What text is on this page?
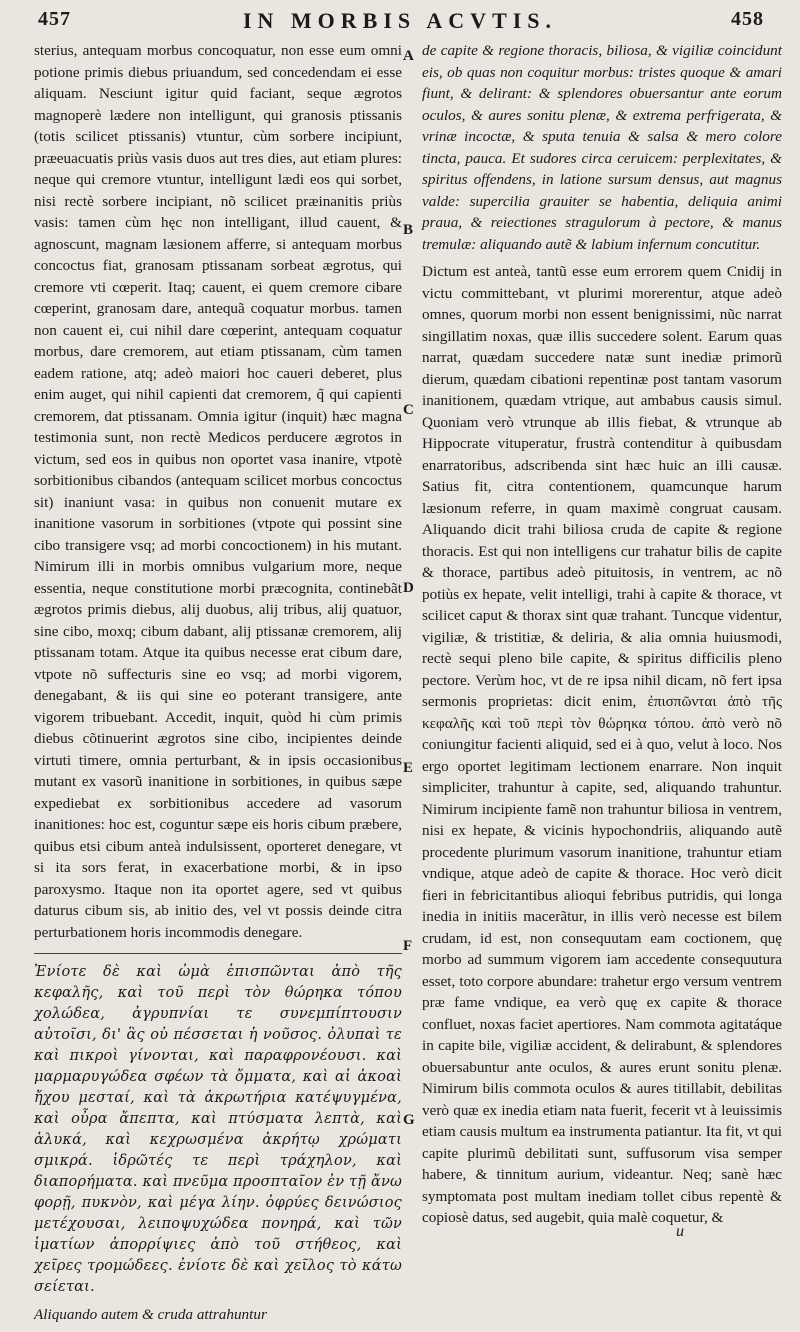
457	IN MORBIS ACVTIS.	458

sterius, antequam morbus concoquatur, non esse eum omni potione primis diebus priuandum, sed concedendam ei esse aliquam. Nesciunt igitur quid faciant, seque ægrotos magnoperè lædere non intelligunt, qui granosis ptissanis (totis scilicet ptissanis) vtuntur, cùm sorbere incipiunt, præeuacuatis priùs vasis duos aut tres dies, aut etiam plures: neque qui cremore vtuntur, intelligunt lædi eos qui sorbet, nisi rectè sorbere incipiant, nõ scilicet præinanitis priùs vasis: tamen cùm hęc non intelligant, illud cauent, & agnoscunt, magnam læsionem afferre, si antequam morbus concoctus fiat, granosam ptissanam sorbeat ægrotus, qui cremore vti cœperit. Itaq; cauent, ei quem cremore cibare cœperint, granosam dare, antequã coquatur morbus. tamen non cauent ei, cui nihil dare cœperint, antequam coquatur morbus, dare cremorem, aut etiam ptissanam, cùm tamen eadem ratione, atq; adeò maiori hoc caueri deberet, plus enim auget, qui nihil capienti dat cremorem, q̃ qui capienti cremorem, dat ptissanam. Omnia igitur (inquit) hæc magna testimonia sunt, non rectè Medicos perducere ægrotos in victum, sed eos in quibus non oportet vasa inanire, vtpotè sorbitionibus cibandos (antequam scilicet morbus concoctus sit) inaniunt vasa: in quibus non conuenit mutare ex inanitione vasorum in sorbitiones (vtpote qui possint sine cibo transigere vsq; ad morbi concoctionem) in his mutant. Nimirum illi in morbis omnibus vulgarium more, neque essentia, neque constitutione morbi præcognita, continebãt ægrotos primis diebus, alij duobus, alij tribus, alij quatuor, sine cibo, moxq; cibum dabant, alij ptissanæ cremorem, alij ptissanam totam. Atque ita quibus necesse erat cibum dare, vtpote nõ suffecturis sine eo vsq; ad morbi vigorem, denegabant, & iis qui sine eo poterant transigere, ante vigorem tribuebant. Accedit, inquit, quòd hi cùm primis diebus cõtinuerint ægrotos sine cibo, incipientes deinde virtuti timere, omnia perturbant, & in ipsis occasionibus mutant ex vasorũ inanitione in sorbitiones, in quibus sæpe expediebat ex sorbitionibus accedere ad vasorum inanitiones: hoc est, coguntur sæpe eis horis cibum præbere, quibus etsi cibum anteà indulsissent, oporteret denegare, vt si ita sors ferat, in exacerbatione morbi, & in ipso paroxysmo. Itaque non ita oportet agere, sed vt quibus daturus cibum sis, ab initio des, vel vt possis deinde citra perturbationem horis incommodis denegare.

Ἐνίοτε δὲ καὶ ὠμὰ ἐπισπῶνται ἀπὸ τῆς κεφαλῆς, καὶ τοῦ περὶ τὸν θώρηκα τόπου χολώδεα, ἀγρυπνίαι τε συνεμπίπτουσιν αὐτοῖσι, δι' ἃς οὐ πέσσεται ἡ νοῦσος. ὀλυπαὶ τε καὶ πικροὶ γίνονται, καὶ παραφρονέουσι. καὶ μαρμαρυγώδεα σφέων τὰ ὄμματα, καὶ αἱ ἀκοαὶ ἤχου μεσταί, καὶ τὰ ἀκρωτήρια κατέψυγμένα, καὶ οὖρα ἄπεπτα, καὶ πτύσματα λεπτὰ, καὶ ἁλυκά, καὶ κεχρωσμένα ἀκρήτῳ χρώματι σμικρά. ἱδρῶτές τε περὶ τράχηλον, καὶ διαπορήματα. καὶ πνεῦμα προσπταῖον ἐν τῇ ἄνω φορῇ, πυκνὸν, καὶ μέγα λίην. ὀφρύες δεινώσιος μετέχουσαι, λειποψυχώδεα πονηρά, καὶ τῶν ἱματίων ἀπορρίψιες ἀπὸ τοῦ στήθεος, καὶ χεῖρες τρομώδεες. ἐνίοτε δὲ καὶ χεῖλος τὸ κάτω σείεται.

Aliquando autem & cruda attrahuntur

de capite & regione thoracis, biliosa, & vigiliæ coincidunt eis, ob quas non coquitur morbus: tristes quoque & amari fiunt, & delirant: & splendores obuersantur ante eorum oculos, & aures sonitu plenæ, & extrema perfrigerata, & vrinæ incoctæ, & sputa tenuia & salsa & mero colore tincta, pauca. Et sudores circa ceruicem: perplexitates, & spiritus offendens, in latione sursum densus, aut magnus valde: supercilia grauiter se habentia, deliquia animi praua, & reiectiones stragulorum à pectore, & manus tremulæ: aliquando autẽ & labium infernum concutitur.

Dictum est anteà, tantũ esse eum errorem quem Cnidij in victu committebant, vt plurimi morerentur, atque adeò omnes, quorum morbi non essent benignissimi, nũc narrat singillatim noxas, quæ illis succedere solent. Earum quas narrat, quædam succedere natæ sunt inediæ primorũ dierum, quædam cibationi repentinæ post tantam vasorum inanitionem, quædam vtrique, aut ambabus causis simul. Quoniam verò vtrunque ab illis fiebat, & vtrunque ab Hippocrate vituperatur, frustrà contenditur à quibusdam enarratoribus, adscribenda sint hæc huic an illi causæ. Satius fit, citra contentionem, quamcunque harum læsionum referre, in quam maximè congruat causam. Aliquando dicit trahi biliosa cruda de capite & regione thoracis. Est qui non intelligens cur trahatur bilis de capite & thorace, partibus adeò pituitosis, in ventrem, ac nõ potiùs ex hepate, velit intelligi, trahi à capite & thorace, vt scilicet caput & thorax sint quæ trahant. Tuncque videntur, vigiliæ, & tristitiæ, & deliria, & alia omnia huiusmodi, rectè sequi pleno bile capite, & spiritus difficilis pleno pectore. Verùm hoc, vt de re ipsa nihil dicam, nõ fert ipsa sermonis proprietas: dicit enim, ἐπισπῶνται ἀπὸ τῆς κεφαλῆς καὶ τοῦ περὶ τὸν θώρηκα τόπου. ἀπὸ verò nõ coniungitur facienti aliquid, sed ei à quo, velut à loco. Nos ergo oportet legitimam lectionem enarrare. Non inquit simpliciter, trahuntur à capite, sed, aliquando trahuntur. Nimirum incipiente famẽ non trahuntur biliosa in ventrem, nisi ex hepate, & vicinis hypochondriis, aliquando autẽ procedente plurimum vasorum inanitione, trahuntur etiam vndique, atque adeò de capite & thorace. Hoc verò dicit fieri in febricitantibus alioqui febribus putridis, qui longa inedia in initiis macerãtur, in illis verò necesse est bilem crudam, id est, non consequutam eam coctionem, quę morbo ad summum vigorem iam accedente consequutura esset, toto corpore abundare: trahetur ergo versum ventrem præ fame vndique, ea verò quę ex capite & thorace confluet, noxas faciet apertiores. Nam commota agitatáque in capite bile, vigiliæ accident, & delirabunt, & splendores obuersabuntur ante oculos, & aures erunt sonitu plenæ. Nimirum bilis commota oculos & aures titillabit, debilitas verò quæ ex inedia etiam nata fuerit, fecerit vt à leuissimis etiam causis multum ea instrumenta patiantur. Ita fit, vt qui capite plurimũ debilitati sunt, suffusorum visa semper habere, & tinnitum aurium, videantur. Neq; sanè hæc symptomata post multam inediam tollet cibus repentè & copiosè datus, sed augebit, quia malè coquetur, &

A
B
C
D
E
F
G
u
